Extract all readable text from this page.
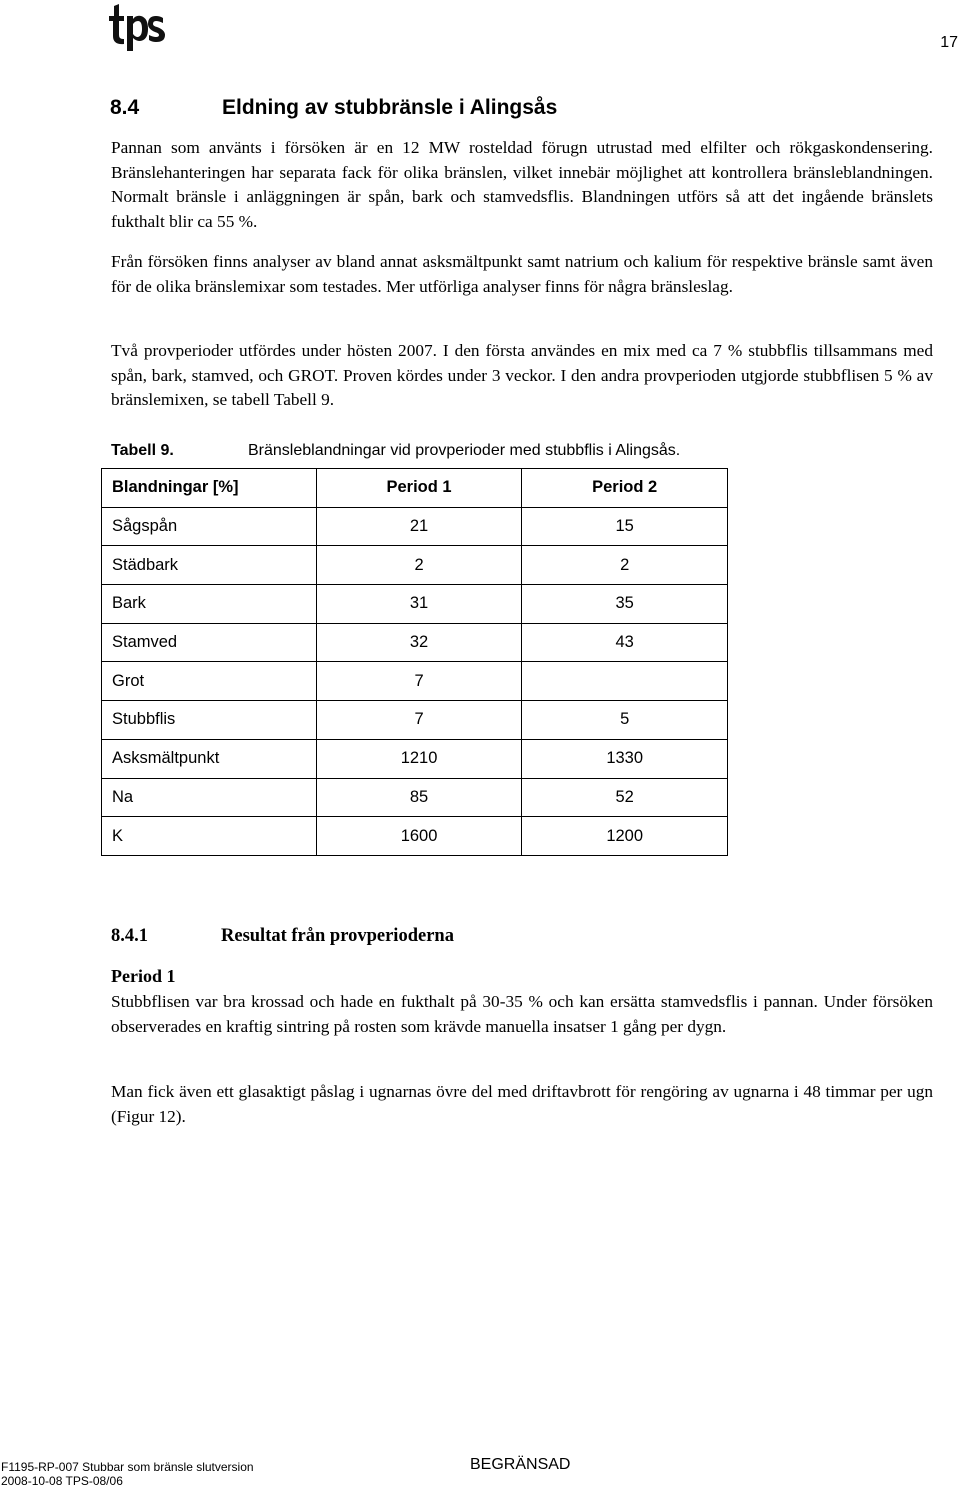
17
8.4	Eldning av stubbränsle i Alingsås

Pannan som använts i försöken är en 12 MW rosteldad förugn utrustad med elfilter och rökgaskondensering. Bränslehanteringen har separata fack för olika bränslen, vilket innebär möjlighet att kontrollera bränsleblandningen. Normalt bränsle i anläggningen är spån, bark och stamvedsflis. Blandningen utförs så att det ingående bränslets fukthalt blir ca 55 %.

Från försöken finns analyser av bland annat asksmältpunkt samt natrium och kalium för respektive bränsle samt även för de olika bränslemixar som testades. Mer utförliga analyser finns för några bränsleslag.

Två provperioder utfördes under hösten 2007. I den första användes en mix med ca 7 % stubbflis tillsammans med spån, bark, stamved, och GROT. Proven kördes under 3 veckor. I den andra provperioden utgjorde stubbflisen 5 % av bränslemixen, se tabell Tabell 9.

Tabell 9.	Bränsleblandningar vid provperioder med stubbflis i Alingsås.
Blandningar [%]	Period 1	Period 2
Sågspån	21	15
Städbark	2	2
Bark	31	35
Stamved	32	43
Grot	7	
Stubbflis	7	5
Asksmältpunkt	1210	1330
Na	85	52
K	1600	1200
8.4.1	Resultat från provperioderna
Period 1

Stubbflisen var bra krossad och hade en fukthalt på 30-35 % och kan ersätta stamvedsflis i pannan. Under försöken observerades en kraftig sintring på rosten som krävde manuella insatser 1 gång per dygn.

Man fick även ett glasaktigt påslag i ugnarnas övre del med driftavbrott för rengöring av ugnarna i 48 timmar per ugn (Figur 12).

F1195-RP-007 Stubbar som bränsle slutversion
2008-10-08 TPS-08/06
BEGRÄNSAD
